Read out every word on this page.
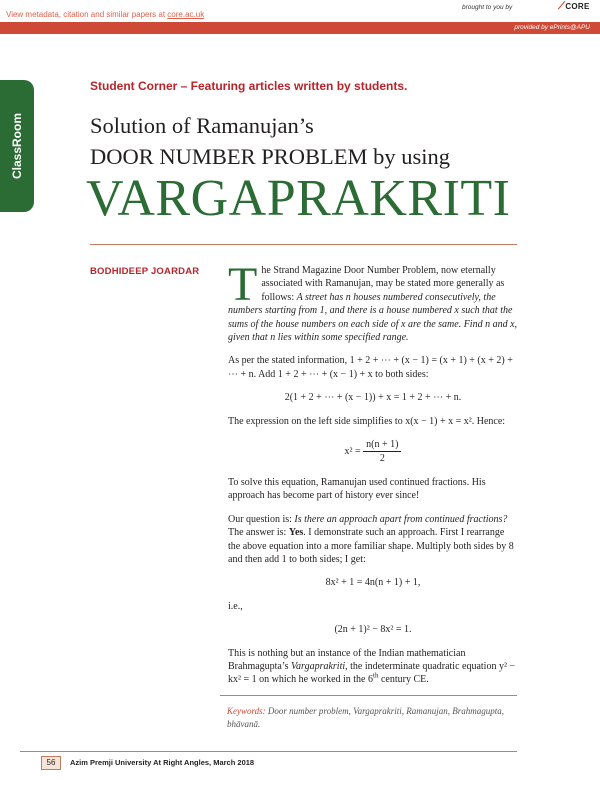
View metadata, citation and similar papers at core.ac.uk
brought to you by	⟋CORE
provided by ePrints@APU
ClassRoom
Student Corner – Featuring articles written by students.
Solution of Ramanujan’s
DOOR NUMBER PROBLEM by using
VARGAPRAKRITI
BODHIDEEP JOARDAR The Strand Magazine Door Number Problem, now eternally associated with Ramanujan, may be stated more generally as follows: A street has n houses numbered consecutively, the numbers starting from 1, and there is a house numbered x such that the sums of the house numbers on each side of x are the same. Find n and x, given that n lies within some specified range.

As per the stated information, 1 + 2 + ⋯ + (x − 1) = (x + 1) + (x + 2) + ⋯ + n. Add 1 + 2 + ⋯ + (x − 1) + x to both sides:

2(1 + 2 + ⋯ + (x − 1)) + x = 1 + 2 + ⋯ + n.

The expression on the left side simplifies to x(x − 1) + x = x². Hence:

$x^2 = \frac{n(n + 1)}{2}$

To solve this equation, Ramanujan used continued fractions. His approach has become part of history ever since!

Our question is: Is there an approach apart from continued fractions? The answer is: Yes. I demonstrate such an approach. First I rearrange the above equation into a more familiar shape. Multiply both sides by 8 and then add 1 to both sides; I get:

8x² + 1 = 4n(n + 1) + 1,

i.e.,

(2n + 1)² − 8x² = 1.

This is nothing but an instance of the Indian mathematician Brahmagupta’s Vargaprakriti, the indeterminate quadratic equation y² − kx² = 1 on which he worked in the 6th century CE.

Keywords: Door number problem, Vargaprakriti, Ramanujan, Brahmagupta, bhāvanā.
56	Azim Premji University At Right Angles, March 2018
